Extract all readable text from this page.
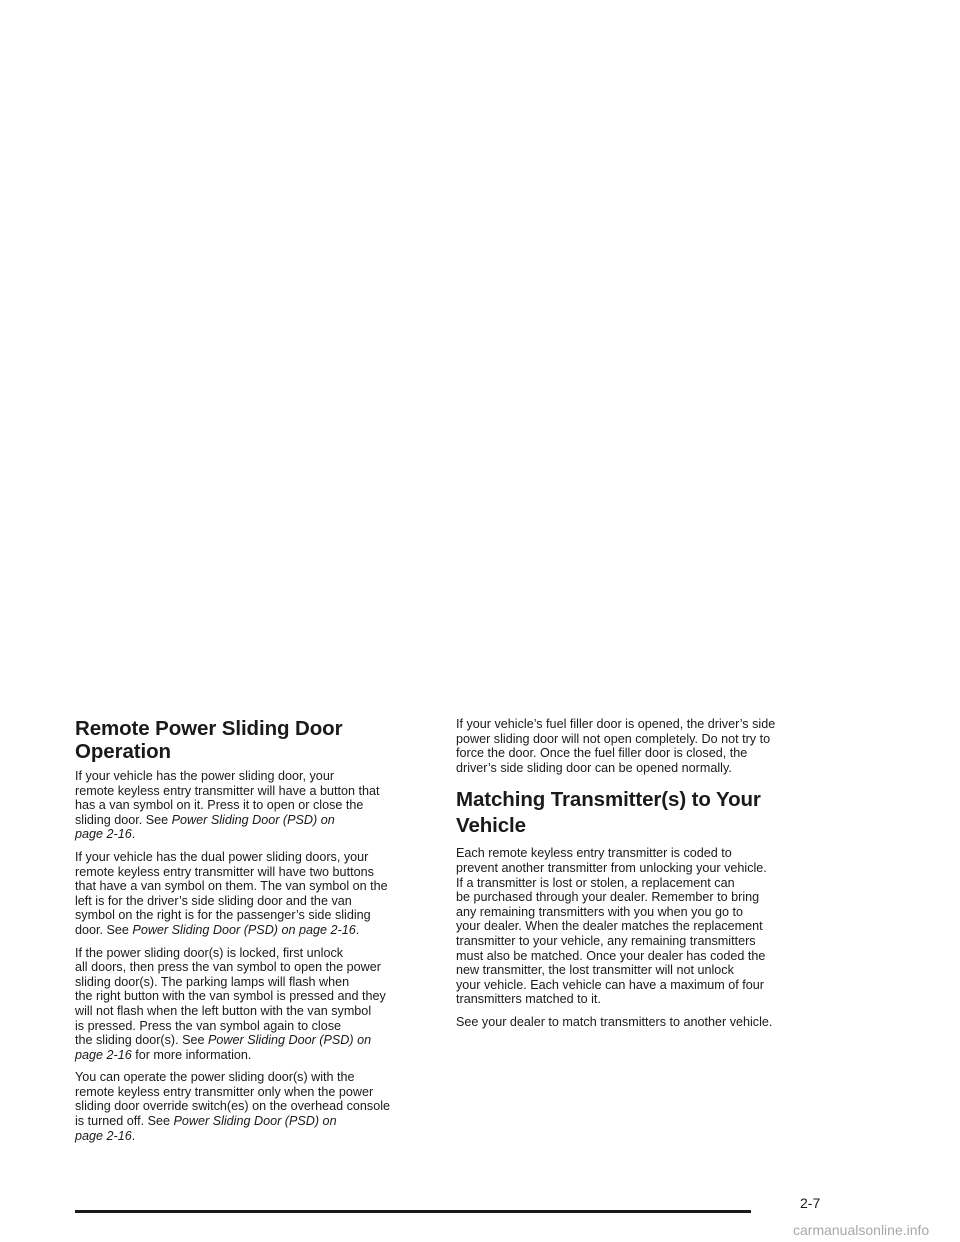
Remote Power Sliding Door Operation

If your vehicle has the power sliding door, your
remote keyless entry transmitter will have a button that
has a van symbol on it. Press it to open or close the
sliding door. See Power Sliding Door (PSD) on
page 2-16.

If your vehicle has the dual power sliding doors, your
remote keyless entry transmitter will have two buttons
that have a van symbol on them. The van symbol on the
left is for the driver’s side sliding door and the van
symbol on the right is for the passenger’s side sliding
door. See Power Sliding Door (PSD) on page 2-16.

If the power sliding door(s) is locked, first unlock
all doors, then press the van symbol to open the power
sliding door(s). The parking lamps will flash when
the right button with the van symbol is pressed and they
will not flash when the left button with the van symbol
is pressed. Press the van symbol again to close
the sliding door(s). See Power Sliding Door (PSD) on
page 2-16 for more information.

You can operate the power sliding door(s) with the
remote keyless entry transmitter only when the power
sliding door override switch(es) on the overhead console
is turned off. See Power Sliding Door (PSD) on
page 2-16.

If your vehicle’s fuel filler door is opened, the driver’s side
power sliding door will not open completely. Do not try to
force the door. Once the fuel filler door is closed, the
driver’s side sliding door can be opened normally.

Matching Transmitter(s) to Your
Vehicle

Each remote keyless entry transmitter is coded to
prevent another transmitter from unlocking your vehicle.
If a transmitter is lost or stolen, a replacement can
be purchased through your dealer. Remember to bring
any remaining transmitters with you when you go to
your dealer. When the dealer matches the replacement
transmitter to your vehicle, any remaining transmitters
must also be matched. Once your dealer has coded the
new transmitter, the lost transmitter will not unlock
your vehicle. Each vehicle can have a maximum of four
transmitters matched to it.

See your dealer to match transmitters to another vehicle.

2-7
carmanualsonline.info
